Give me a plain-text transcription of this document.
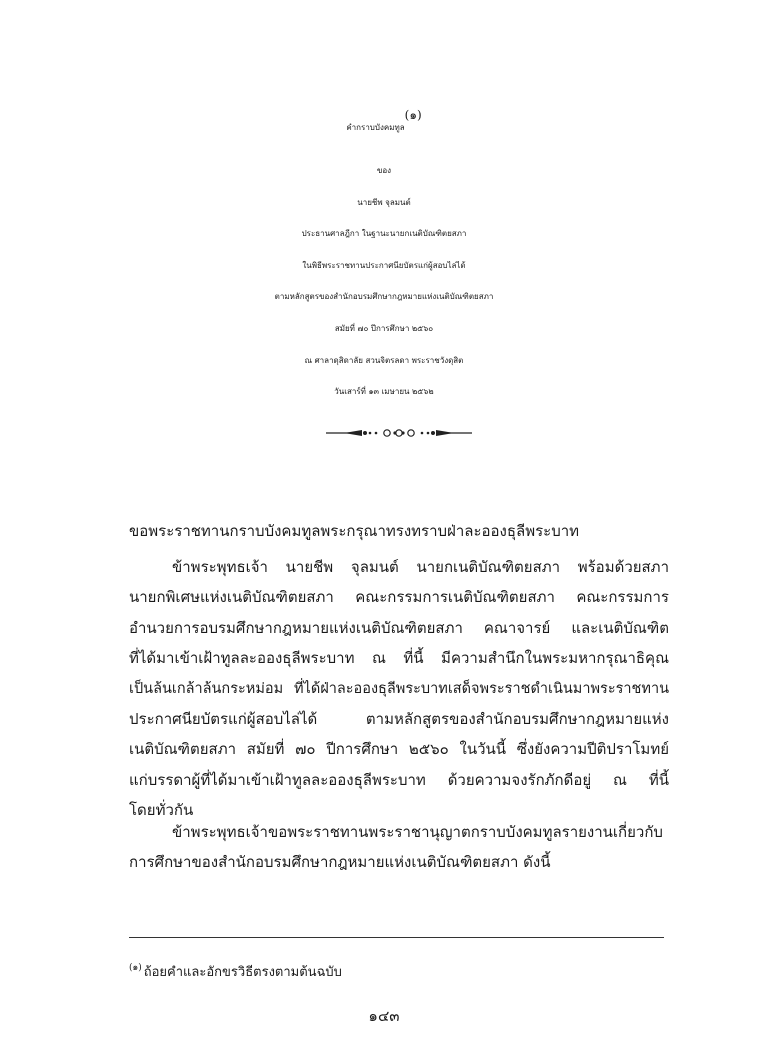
คำกราบบังคมทูล$^{(๑)}$
ของ
นายชีพ จุลมนต์
ประธานศาลฎีกา ในฐานะนายกเนติบัณฑิตยสภา
ในพิธีพระราชทานประกาศนียบัตรแก่ผู้สอบไล่ได้
ตามหลักสูตรของสำนักอบรมศึกษากฎหมายแห่งเนติบัณฑิตยสภา
สมัยที่ ๗๐ ปีการศึกษา ๒๕๖๐
ณ ศาลาดุสิดาลัย สวนจิตรลดา พระราชวังดุสิต
วันเสาร์ที่ ๑๓ เมษายน ๒๕๖๒
ขอพระราชทานกราบบังคมทูลพระกรุณาทรงทราบฝ่าละอองธุลีพระบาท
ข้าพระพุทธเจ้า นายชีพ จุลมนต์ นายกเนติบัณฑิตยสภา พร้อมด้วยสภา
นายกพิเศษแห่งเนติบัณฑิตยสภา คณะกรรมการเนติบัณฑิตยสภา คณะกรรมการ
อำนวยการอบรมศึกษากฎหมายแห่งเนติบัณฑิตยสภา คณาจารย์ และเนติบัณฑิต
ที่ได้มาเข้าเฝ้าทูลละอองธุลีพระบาท ณ ที่นี้ มีความสำนึกในพระมหากรุณาธิคุณ
เป็นล้นเกล้าล้นกระหม่อม ที่ได้ฝ่าละอองธุลีพระบาทเสด็จพระราชดำเนินมาพระราชทาน
ประกาศนียบัตรแก่ผู้สอบไล่ได้ ตามหลักสูตรของสำนักอบรมศึกษากฎหมายแห่ง
เนติบัณฑิตยสภา สมัยที่ ๗๐ ปีการศึกษา ๒๕๖๐ ในวันนี้ ซึ่งยังความปีติปราโมทย์
แก่บรรดาผู้ที่ได้มาเข้าเฝ้าทูลละอองธุลีพระบาท ด้วยความจงรักภักดีอยู่ ณ ที่นี้
โดยทั่วกัน
ข้าพระพุทธเจ้าขอพระราชทานพระราชานุญาตกราบบังคมทูลรายงานเกี่ยวกับ
การศึกษาของสำนักอบรมศึกษากฎหมายแห่งเนติบัณฑิตยสภา ดังนี้
$^{(๑)}$ ถ้อยคำและอักขรวิธีตรงตามต้นฉบับ
๑๔๓
